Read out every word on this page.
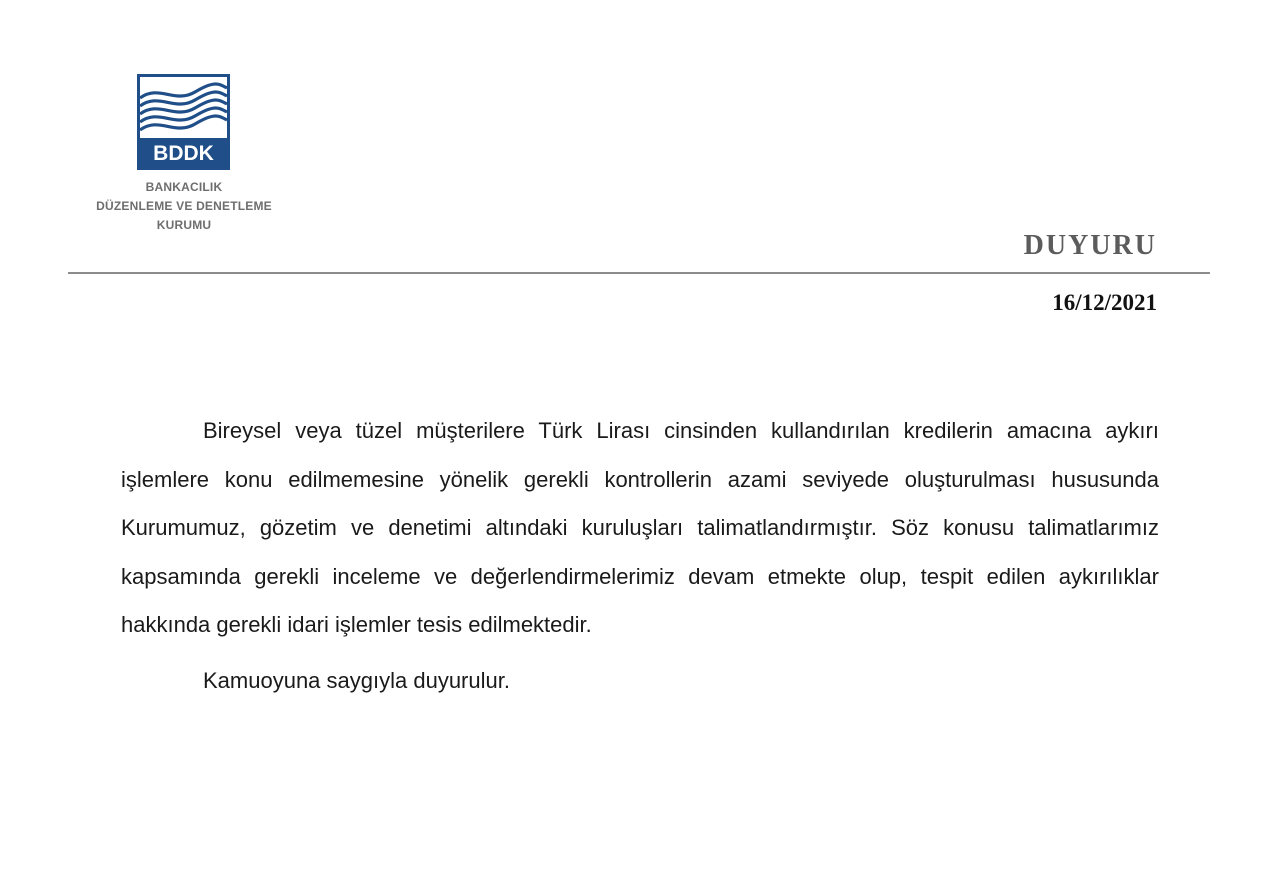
BDDK
BANKACILIK
DÜZENLEME VE DENETLEME
KURUMU
DUYURU
16/12/2021

Bireysel veya tüzel müşterilere Türk Lirası cinsinden kullandırılan kredilerin amacına aykırı işlemlere konu edilmemesine yönelik gerekli kontrollerin azami seviyede oluşturulması hususunda Kurumumuz, gözetim ve denetimi altındaki kuruluşları talimatlandırmıştır. Söz konusu talimatlarımız kapsamında gerekli inceleme ve değerlendirmelerimiz devam etmekte olup, tespit edilen aykırılıklar hakkında gerekli idari işlemler tesis edilmektedir.

Kamuoyuna saygıyla duyurulur.
